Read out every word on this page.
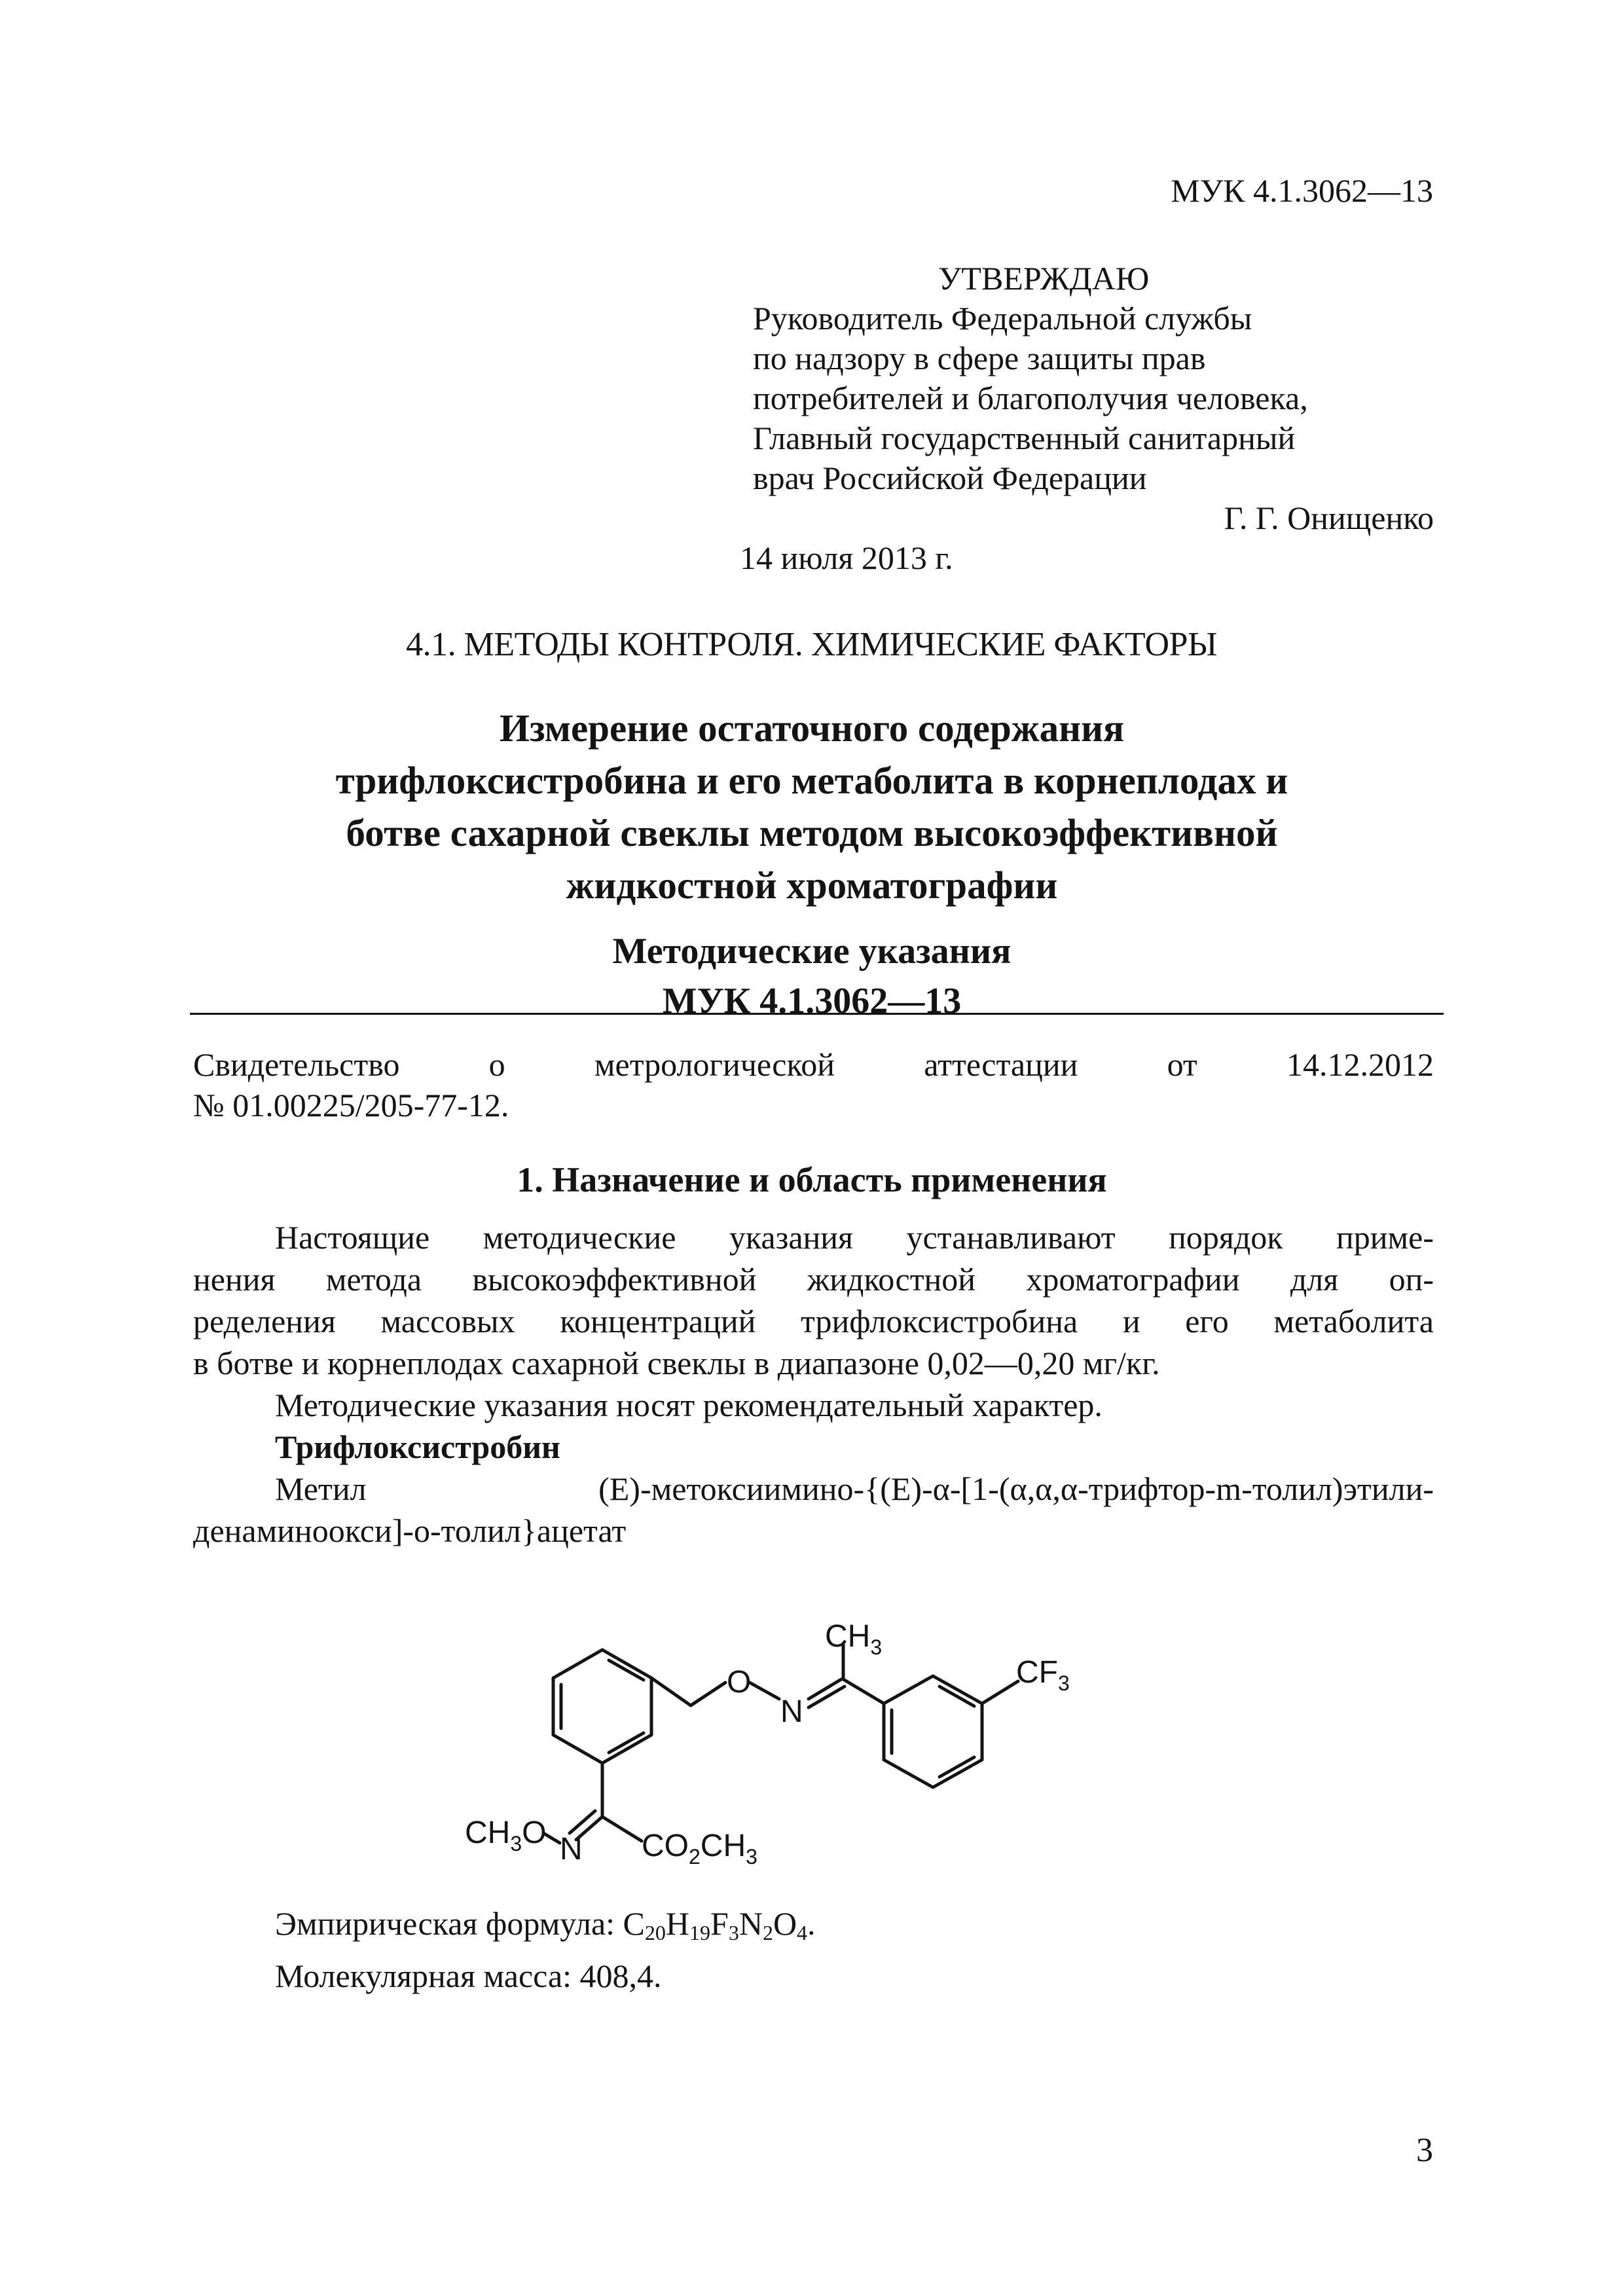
МУК 4.1.3062—13
УТВЕРЖДАЮ
Руководитель Федеральной службы
по надзору в сфере защиты прав
потребителей и благополучия человека,
Главный государственный санитарный
врач Российской Федерации
Г. Г. Онищенко
14 июля 2013 г.
4.1. МЕТОДЫ КОНТРОЛЯ. ХИМИЧЕСКИЕ ФАКТОРЫ
Измерение остаточного содержания
трифлоксистробина и его метаболита в корнеплодах и
ботве сахарной свеклы методом высокоэффективной
жидкостной хроматографии
Методические указания
МУК 4.1.3062—13
Свидетельство о метрологической аттестации от 14.12.2012
№ 01.00225/205-77-12.
1. Назначение и область применения
Настоящие методические указания устанавливают порядок приме-
нения метода высокоэффективной жидкостной хроматографии для оп-
ределения массовых концентраций трифлоксистробина и его метаболита
в ботве и корнеплодах сахарной свеклы в диапазоне 0,02—0,20 мг/кг.
Методические указания носят рекомендательный характер.
Трифлоксистробин
Метил (E)-метоксиимино-{(E)-α-[1-(α,α,α-трифтор-m-толил)этили-
денаминоокси]-о-толил}ацетат
$CH_3$
O
N
$CF_3$
$CH_3O$ N $CO_2CH_3$
Эмпирическая формула: $C_{20}H_{19}F_3N_2O_4$.
Молекулярная масса: 408,4.
3
